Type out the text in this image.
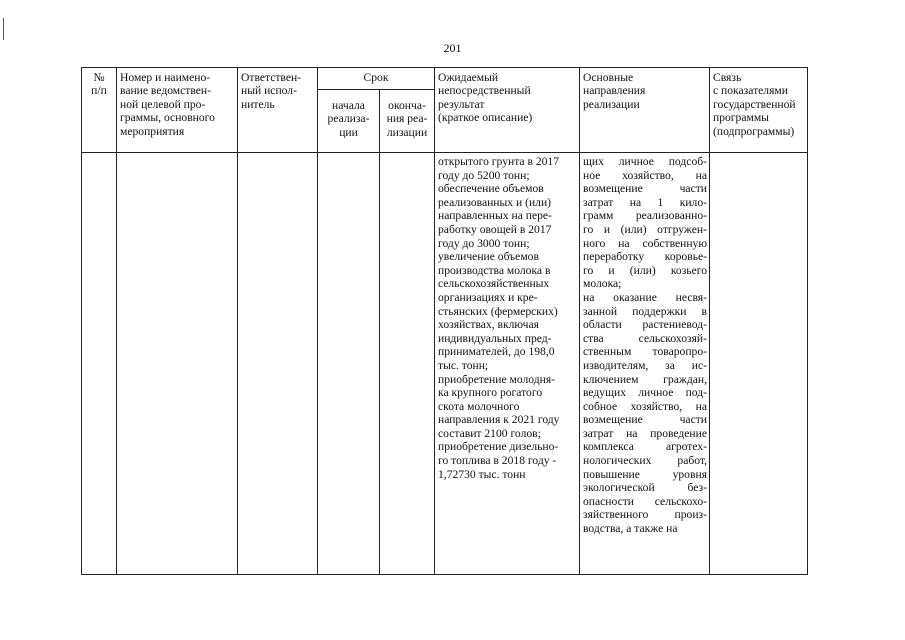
201
№
п/п
Номер и наимено-
вание ведомствен-
ной целевой про-
граммы, основного
мероприятия
Ответствен-
ный испол-
нитель
Срок
начала
реализа-
ции
оконча-
ния реа-
лизации
Ожидаемый
непосредственный
результат
(краткое описание)
Основные
направления
реализации
Связь
с показателями
государственной
программы
(подпрограммы)
открытого грунта в 2017
году до 5200 тонн;
обеспечение объемов
реализованных и (или)
направленных на пере-
работку овощей в 2017
году до 3000 тонн;
увеличение объемов
производства молока в
сельскохозяйственных
организациях и кре-
стьянских (фермерских)
хозяйствах, включая
индивидуальных пред-
принимателей, до 198,0
тыс. тонн;
приобретение молодня-
ка крупного рогатого
скота молочного
направления к 2021 году
составит 2100 голов;
приобретение дизельно-
го топлива в 2018 году -
1,72730 тыс. тонн
щих личное подсоб-
ное хозяйство, на
возмещение части
затрат на 1 кило-
грамм реализованно-
го и (или) отгружен-
ного на собственную
переработку коровье-
го и (или) козьего
молока;
на оказание несвя-
занной поддержки в
области растениевод-
ства сельскохозяй-
ственным товаропро-
изводителям, за ис-
ключением граждан,
ведущих личное под-
собное хозяйство, на
возмещение части
затрат на проведение
комплекса агротех-
нологических работ,
повышение уровня
экологической без-
опасности сельскохо-
зяйственного произ-
водства, а также на
